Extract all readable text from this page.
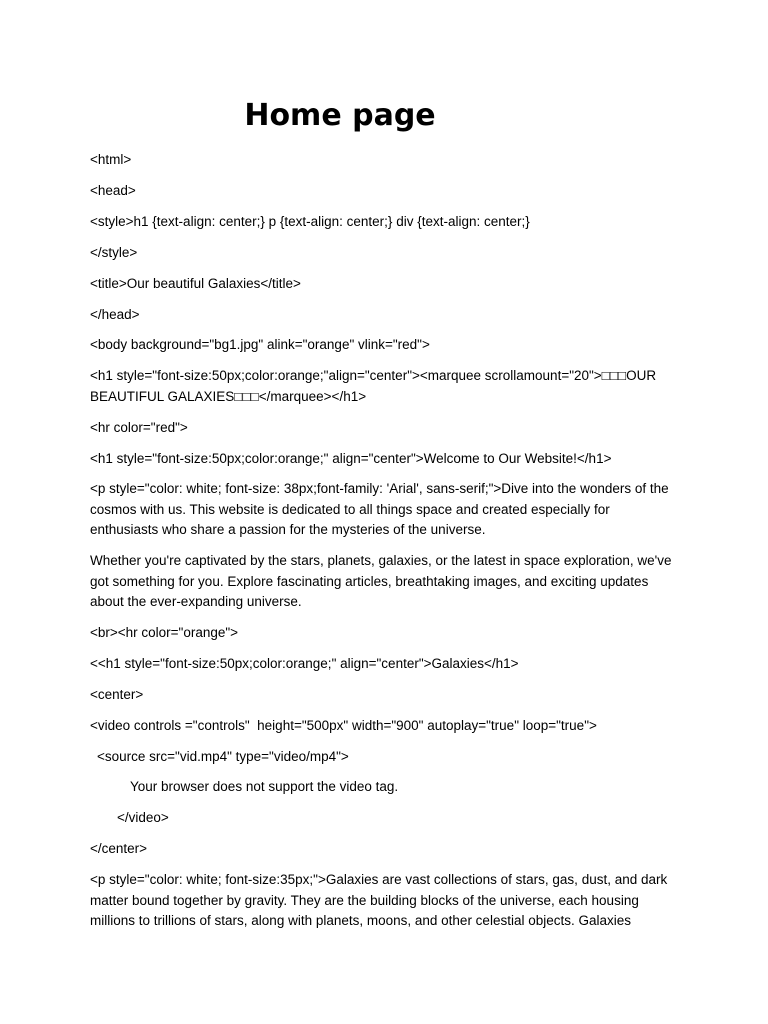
Home page

<html>

<head>

<style>h1 {text-align: center;} p {text-align: center;} div {text-align: center;}

</style>

<title>Our beautiful Galaxies</title>

</head>

<body background="bg1.jpg" alink="orange" vlink="red">

<h1 style="font-size:50px;color:orange;"align="center"><marquee scrollamount="20">□□□OUR BEAUTIFUL GALAXIES□□□</marquee></h1>

<hr color="red">

<h1 style="font-size:50px;color:orange;" align="center">Welcome to Our Website!</h1>

<p style="color: white; font-size: 38px;font-family: 'Arial', sans-serif;">Dive into the wonders of the cosmos with us. This website is dedicated to all things space and created especially for enthusiasts who share a passion for the mysteries of the universe.

Whether you're captivated by the stars, planets, galaxies, or the latest in space exploration, we've got something for you. Explore fascinating articles, breathtaking images, and exciting updates about the ever-expanding universe.

<br><hr color="orange">

<<h1 style="font-size:50px;color:orange;" align="center">Galaxies</h1>

<center>

<video controls ="controls"  height="500px" width="900" autoplay="true" loop="true">

<source src="vid.mp4" type="video/mp4">

Your browser does not support the video tag.

</video>

</center>

<p style="color: white; font-size:35px;">Galaxies are vast collections of stars, gas, dust, and dark matter bound together by gravity. They are the building blocks of the universe, each housing millions to trillions of stars, along with planets, moons, and other celestial objects. Galaxies
